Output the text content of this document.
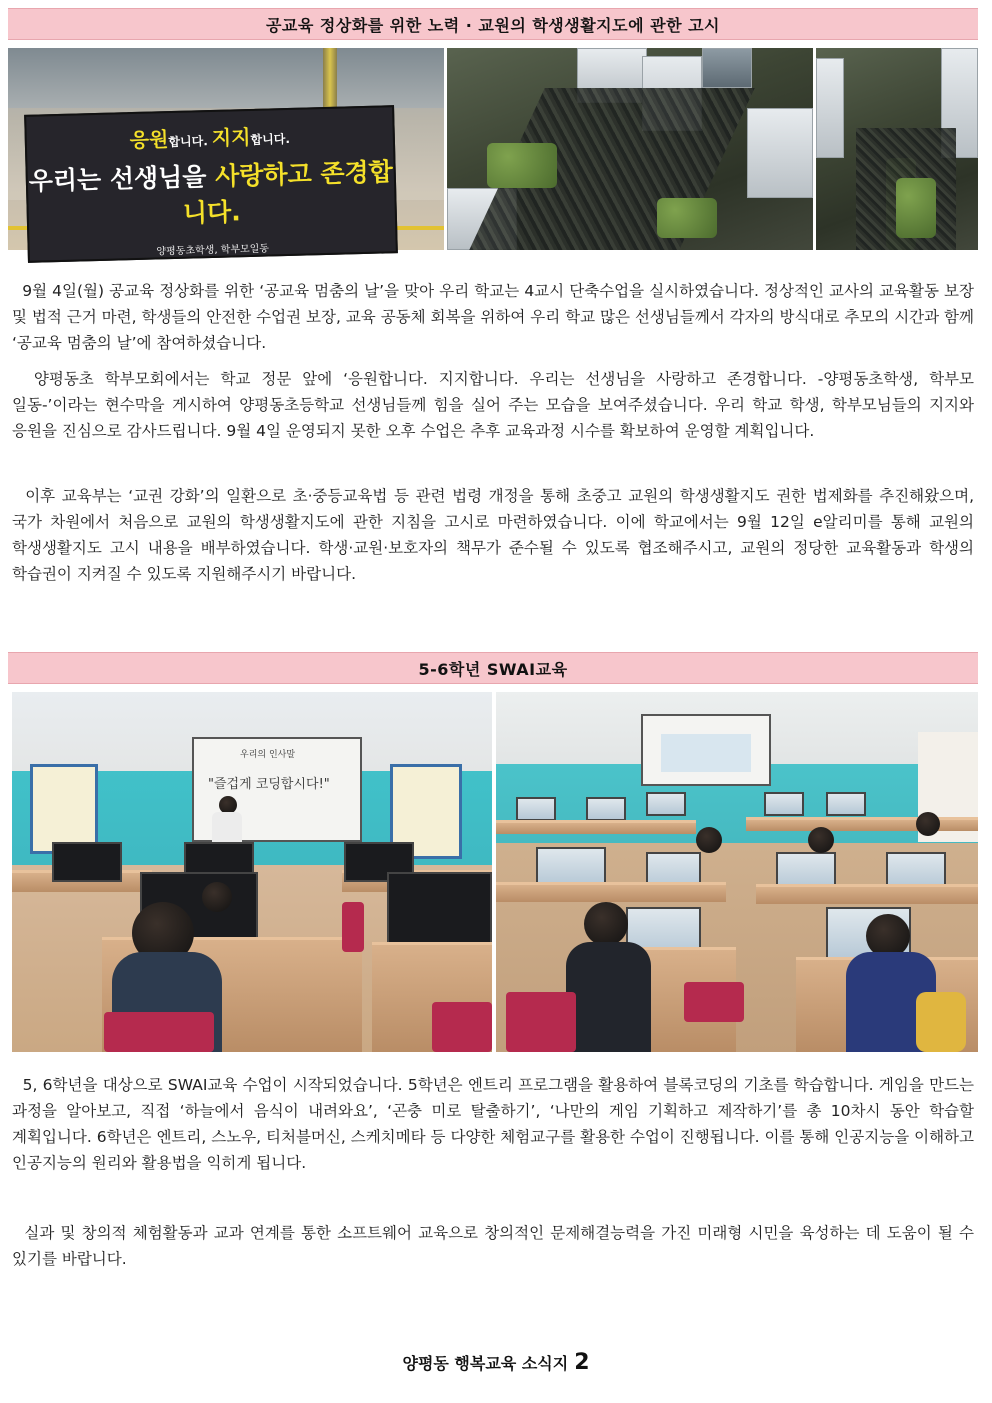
공교육 정상화를 위한 노력 · 교원의 학생생활지도에 관한 고시
응원합니다. 지지합니다.
우리는 선생님을 사랑하고 존경합니다.
양평동초학생, 학부모일동
9월 4일(월) 공교육 정상화를 위한 ‘공교육 멈춤의 날’을 맞아 우리 학교는 4교시 단축수업을 실시하였습니다. 정상적인 교사의 교육활동 보장 및 법적 근거 마련, 학생들의 안전한 수업권 보장, 교육 공동체 회복을 위하여 우리 학교 많은 선생님들께서 각자의 방식대로 추모의 시간과 함께 ‘공교육 멈춤의 날’에 참여하셨습니다.
양평동초 학부모회에서는 학교 정문 앞에 ‘응원합니다. 지지합니다. 우리는 선생님을 사랑하고 존경합니다. -양평동초학생, 학부모 일동-’이라는 현수막을 게시하여 양평동초등학교 선생님들께 힘을 실어 주는 모습을 보여주셨습니다. 우리 학교 학생, 학부모님들의 지지와 응원을 진심으로 감사드립니다. 9월 4일 운영되지 못한 오후 수업은 추후 교육과정 시수를 확보하여 운영할 계획입니다.
이후 교육부는 ‘교권 강화’의 일환으로 초·중등교육법 등 관련 법령 개정을 통해 초중고 교원의 학생생활지도 권한 법제화를 추진해왔으며, 국가 차원에서 처음으로 교원의 학생생활지도에 관한 지침을 고시로 마련하였습니다. 이에 학교에서는 9월 12일 e알리미를 통해 교원의 학생생활지도 고시 내용을 배부하였습니다. 학생·교원·보호자의 책무가 준수될 수 있도록 협조해주시고, 교원의 정당한 교육활동과 학생의 학습권이 지켜질 수 있도록 지원해주시기 바랍니다.
5-6학년 SWAI교육
우리의 인사말
"즐겁게 코딩합시다!"
5, 6학년을 대상으로 SWAI교육 수업이 시작되었습니다. 5학년은 엔트리 프로그램을 활용하여 블록코딩의 기초를 학습합니다. 게임을 만드는 과정을 알아보고, 직접 ‘하늘에서 음식이 내려와요’, ‘곤충 미로 탈출하기’, ‘나만의 게임 기획하고 제작하기’를 총 10차시 동안 학습할 계획입니다. 6학년은 엔트리, 스노우, 티처블머신, 스케치메타 등 다양한 체험교구를 활용한 수업이 진행됩니다. 이를 통해 인공지능을 이해하고 인공지능의 원리와 활용법을 익히게 됩니다.
실과 및 창의적 체험활동과 교과 연계를 통한 소프트웨어 교육으로 창의적인 문제해결능력을 가진 미래형 시민을 육성하는 데 도움이 될 수 있기를 바랍니다.
양평동 행복교육 소식지 2
